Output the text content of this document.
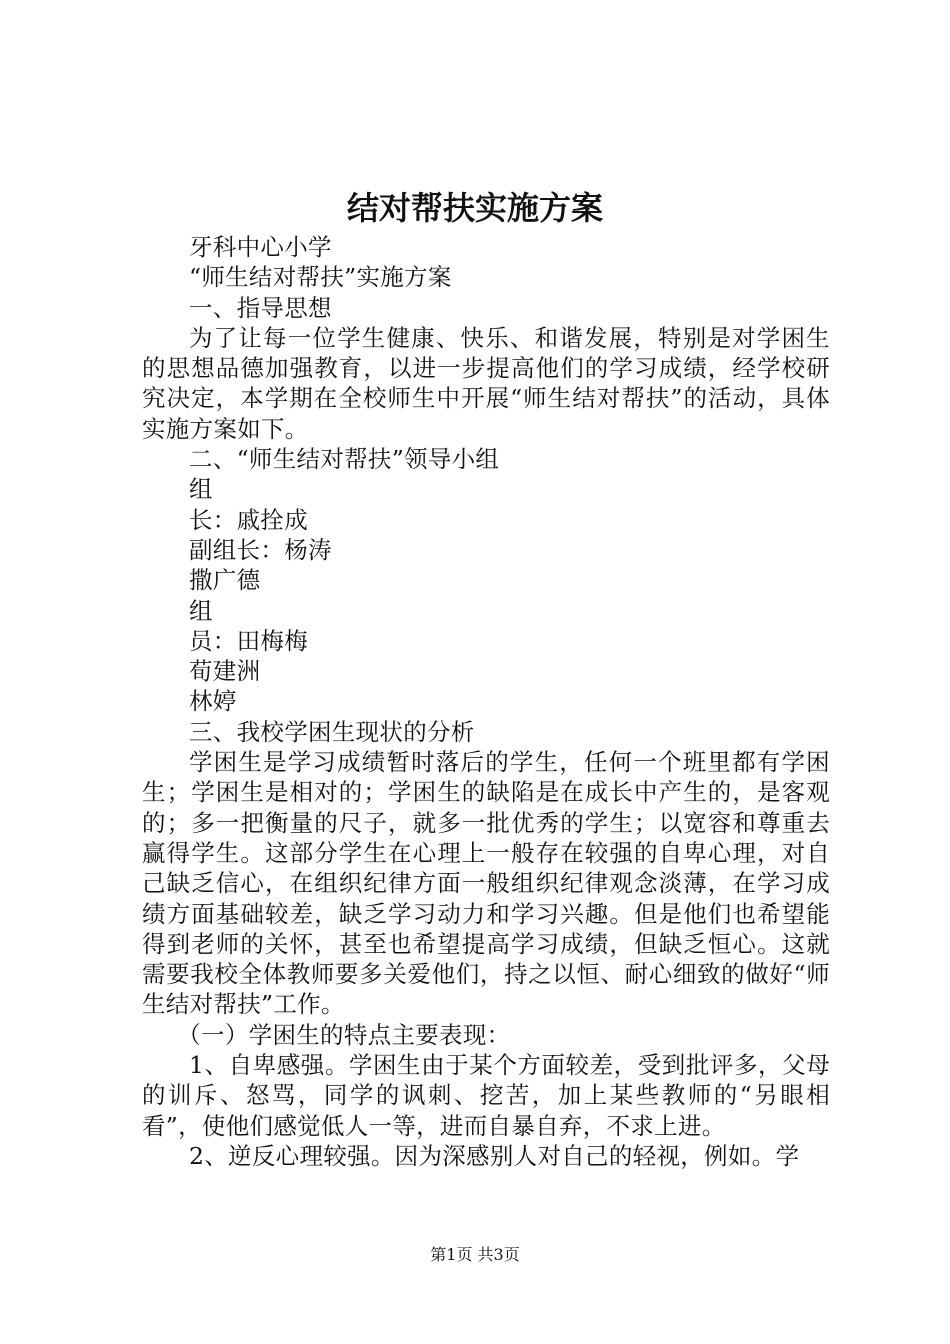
结对帮扶实施方案

牙科中心小学

“师生结对帮扶”实施方案

一、指导思想

为了让每一位学生健康、快乐、和谐发展，特别是对学困生的思想品德加强教育，以进一步提高他们的学习成绩，经学校研究决定，本学期在全校师生中开展“师生结对帮扶”的活动，具体实施方案如下。

二、“师生结对帮扶”领导小组

组

长：戚拴成

副组长：杨涛

撒广德

组

员：田梅梅

荀建洲

林婷

三、我校学困生现状的分析

学困生是学习成绩暂时落后的学生，任何一个班里都有学困生；学困生是相对的；学困生的缺陷是在成长中产生的，是客观的；多一把衡量的尺子，就多一批优秀的学生；以宽容和尊重去赢得学生。这部分学生在心理上一般存在较强的自卑心理，对自己缺乏信心，在组织纪律方面一般组织纪律观念淡薄，在学习成绩方面基础较差，缺乏学习动力和学习兴趣。但是他们也希望能得到老师的关怀，甚至也希望提高学习成绩，但缺乏恒心。这就需要我校全体教师要多关爱他们，持之以恒、耐心细致的做好“师生结对帮扶”工作。

（一）学困生的特点主要表现：

1、自卑感强。学困生由于某个方面较差，受到批评多，父母的训斥、怒骂，同学的讽刺、挖苦，加上某些教师的“另眼相看”，使他们感觉低人一等，进而自暴自弃，不求上进。

2、逆反心理较强。因为深感别人对自己的轻视，例如。学

第1页 共3页
